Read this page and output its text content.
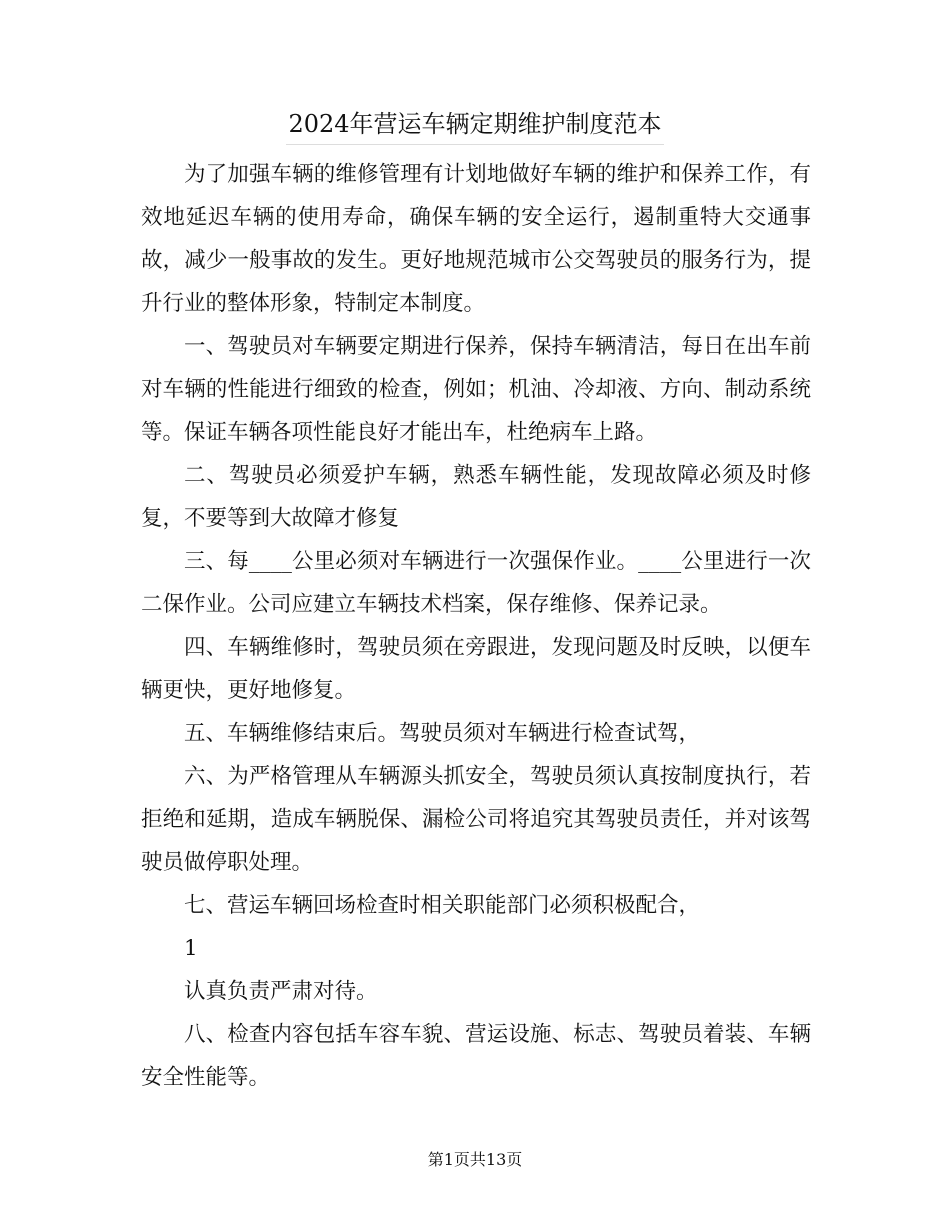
2024年营运车辆定期维护制度范本

为了加强车辆的维修管理有计划地做好车辆的维护和保养工作，有效地延迟车辆的使用寿命，确保车辆的安全运行，遏制重特大交通事故，减少一般事故的发生。更好地规范城市公交驾驶员的服务行为，提升行业的整体形象，特制定本制度。

一、驾驶员对车辆要定期进行保养，保持车辆清洁，每日在出车前对车辆的性能进行细致的检查，例如；机油、冷却液、方向、制动系统等。保证车辆各项性能良好才能出车，杜绝病车上路。

二、驾驶员必须爱护车辆，熟悉车辆性能，发现故障必须及时修复，不要等到大故障才修复

三、每____公里必须对车辆进行一次强保作业。____公里进行一次二保作业。公司应建立车辆技术档案，保存维修、保养记录。

四、车辆维修时，驾驶员须在旁跟进，发现问题及时反映，以便车辆更快，更好地修复。

五、车辆维修结束后。驾驶员须对车辆进行检查试驾，

六、为严格管理从车辆源头抓安全，驾驶员须认真按制度执行，若拒绝和延期，造成车辆脱保、漏检公司将追究其驾驶员责任，并对该驾驶员做停职处理。

七、营运车辆回场检查时相关职能部门必须积极配合，

1

认真负责严肃对待。

八、检查内容包括车容车貌、营运设施、标志、驾驶员着装、车辆安全性能等。

第1页共13页
